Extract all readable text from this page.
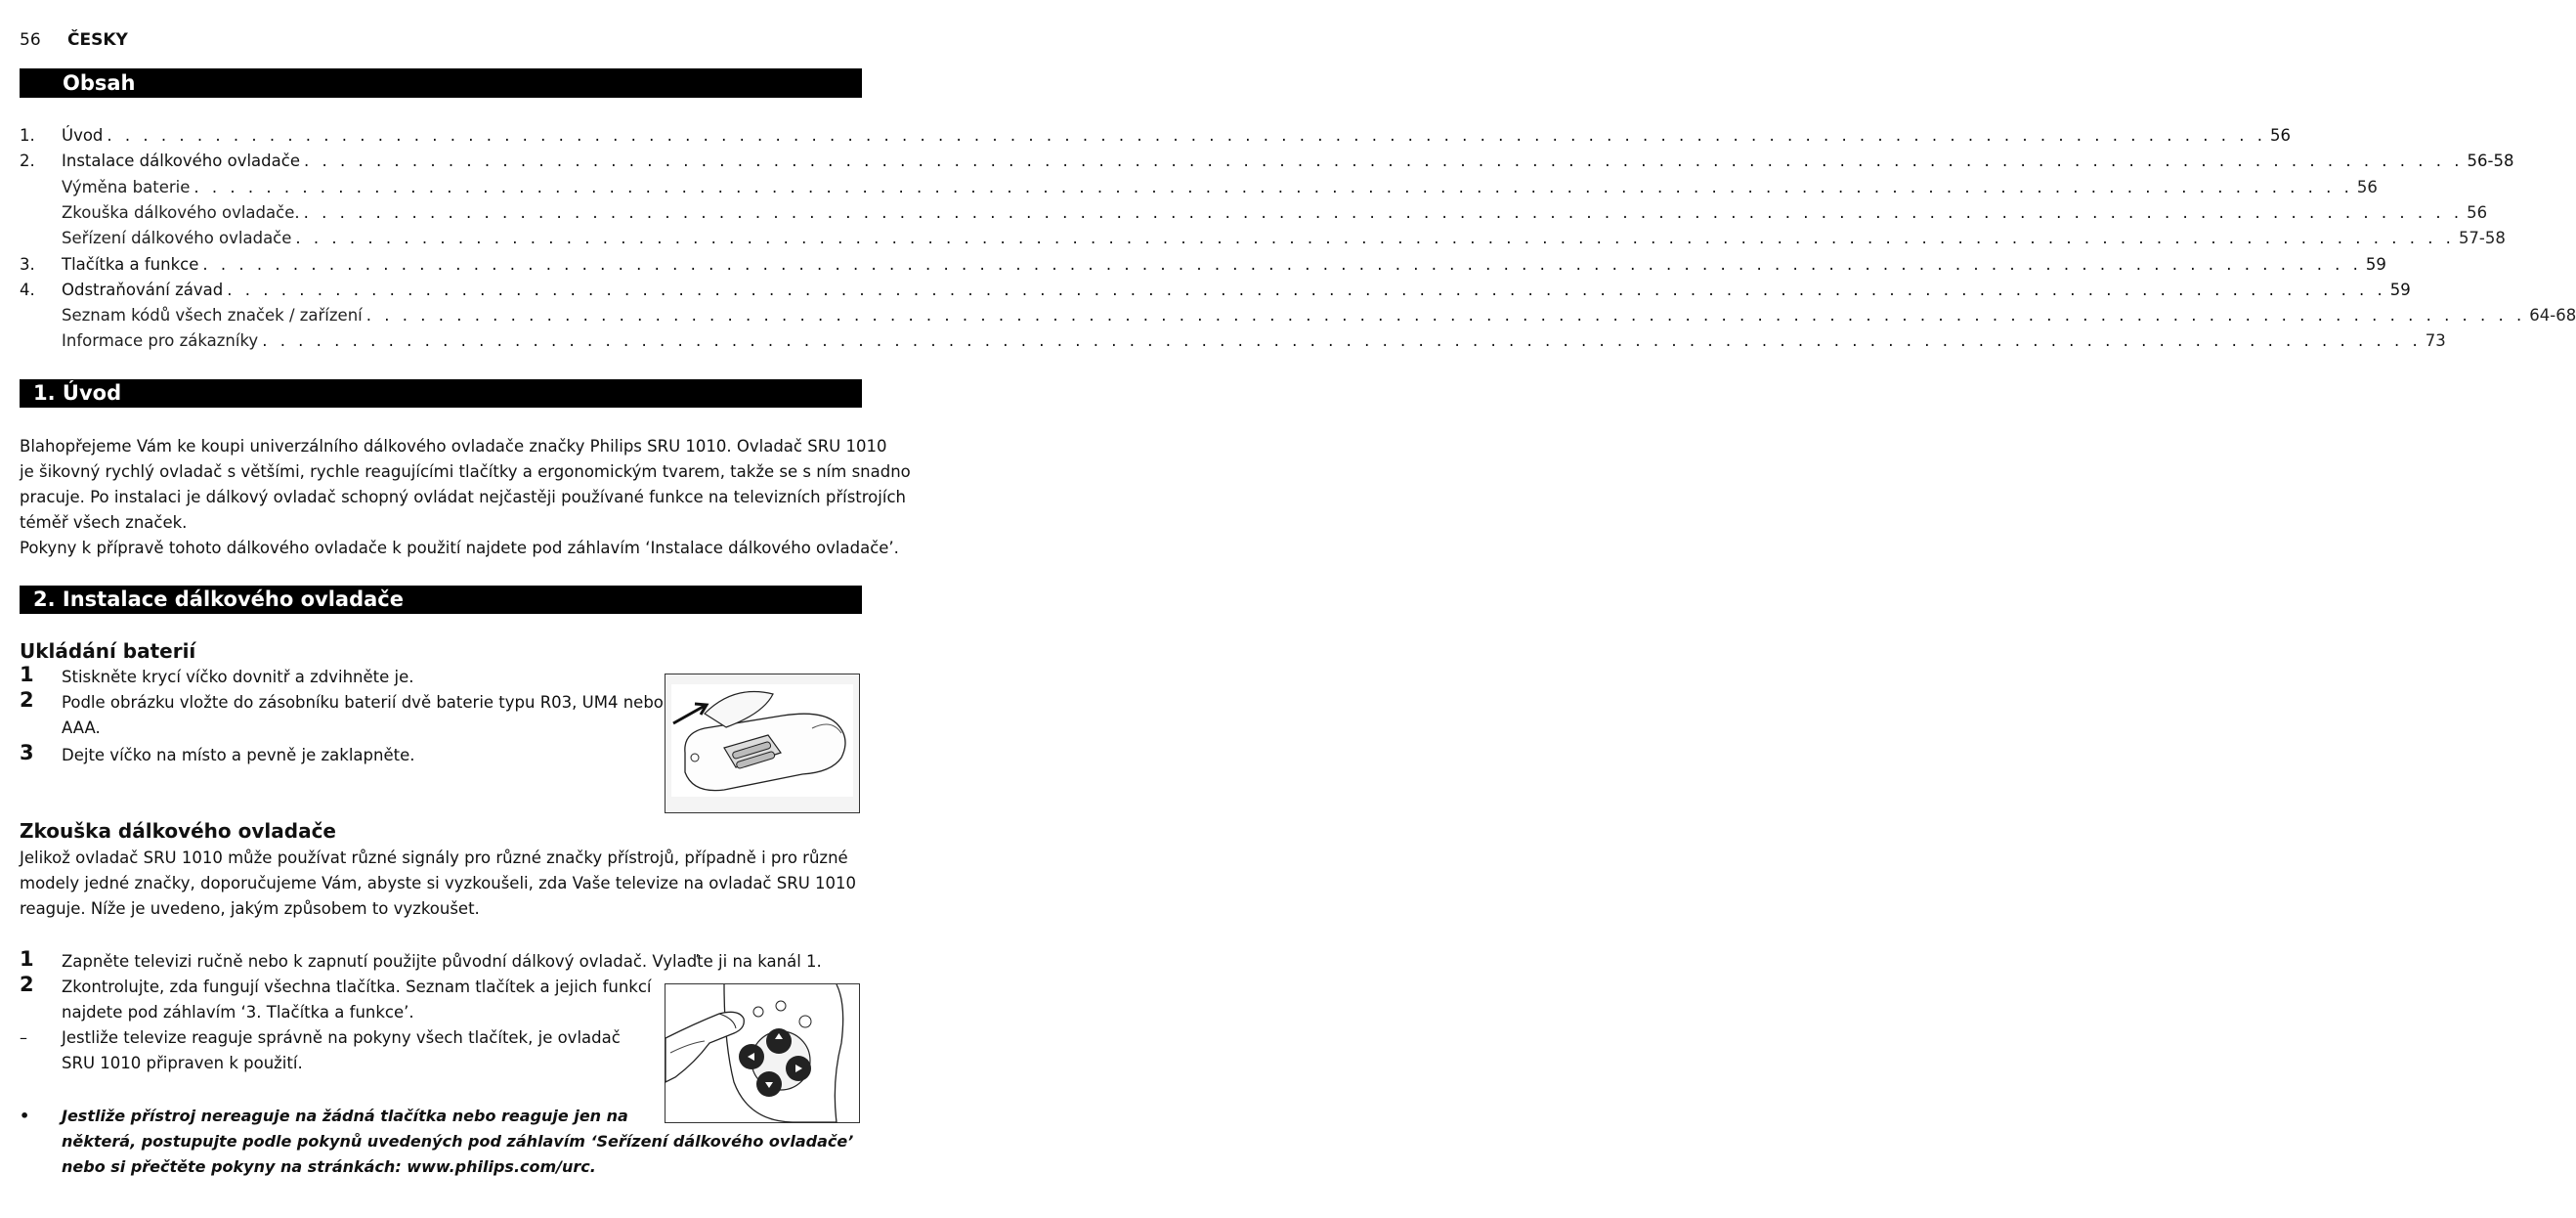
56 ČESKY
Obsah
1.	Úvod . . . . . . . . . . . . . . . . . . . . . . . . . . . . . . . . . . . . . . . . . . . . . . . . . . . . . . . . . . . . . . . . . . . . . . . . . . . . . . . . . . . . . . . . . . . . . . . . . . . . . . . . . . . . . . . . . . . . . . . . 56
2.	Instalace dálkového ovladače . . . . . . . . . . . . . . . . . . . . . . . . . . . . . . . . . . . . . . . . . . . . . . . . . . . . . . . . . . . . . . . . . . . . . . . . . . . . . . . . . . . . . . . . . . . . . . . . . . . . . . . . . . . . . . . . . . . . . . . . 56-58
Výměna baterie . . . . . . . . . . . . . . . . . . . . . . . . . . . . . . . . . . . . . . . . . . . . . . . . . . . . . . . . . . . . . . . . . . . . . . . . . . . . . . . . . . . . . . . . . . . . . . . . . . . . . . . . . . . . . . . . . . . . . . . . 56
Zkouška dálkového ovladače. . . . . . . . . . . . . . . . . . . . . . . . . . . . . . . . . . . . . . . . . . . . . . . . . . . . . . . . . . . . . . . . . . . . . . . . . . . . . . . . . . . . . . . . . . . . . . . . . . . . . . . . . . . . . . . . . . . . . . . . . 56
Seřízení dálkového ovladače . . . . . . . . . . . . . . . . . . . . . . . . . . . . . . . . . . . . . . . . . . . . . . . . . . . . . . . . . . . . . . . . . . . . . . . . . . . . . . . . . . . . . . . . . . . . . . . . . . . . . . . . . . . . . . . . . . . . . . . . 57-58
3.	Tlačítka a funkce . . . . . . . . . . . . . . . . . . . . . . . . . . . . . . . . . . . . . . . . . . . . . . . . . . . . . . . . . . . . . . . . . . . . . . . . . . . . . . . . . . . . . . . . . . . . . . . . . . . . . . . . . . . . . . . . . . . . . . . . 59
4.	Odstraňování závad . . . . . . . . . . . . . . . . . . . . . . . . . . . . . . . . . . . . . . . . . . . . . . . . . . . . . . . . . . . . . . . . . . . . . . . . . . . . . . . . . . . . . . . . . . . . . . . . . . . . . . . . . . . . . . . . . . . . . . . . 59
Seznam kódů všech značek / zařízení . . . . . . . . . . . . . . . . . . . . . . . . . . . . . . . . . . . . . . . . . . . . . . . . . . . . . . . . . . . . . . . . . . . . . . . . . . . . . . . . . . . . . . . . . . . . . . . . . . . . . . . . . . . . . . . . . . . . . . . . 64-68
Informace pro zákazníky . . . . . . . . . . . . . . . . . . . . . . . . . . . . . . . . . . . . . . . . . . . . . . . . . . . . . . . . . . . . . . . . . . . . . . . . . . . . . . . . . . . . . . . . . . . . . . . . . . . . . . . . . . . . . . . . . . . . . . . . 73
1. Úvod
Blahopřejeme Vám ke koupi univerzálního dálkového ovladače značky Philips SRU 1010. Ovladač SRU 1010
je šikovný rychlý ovladač s většími, rychle reagujícími tlačítky a ergonomickým tvarem, takže se s ním snadno
pracuje. Po instalaci je dálkový ovladač schopný ovládat nejčastěji používané funkce na televizních přístrojích
téměř všech značek.
Pokyny k přípravě tohoto dálkového ovladače k použití najdete pod záhlavím ‘Instalace dálkového ovladače’.
2. Instalace dálkového ovladače
Ukládání baterií
1 Stiskněte krycí víčko dovnitř a zdvihněte je.
2 Podle obrázku vložte do zásobníku baterií dvě baterie typu R03, UM4 nebo
AAA.
3 Dejte víčko na místo a pevně je zaklapněte.
Zkouška dálkového ovladače
Jelikož ovladač SRU 1010 může používat různé signály pro různé značky přístrojů, případně i pro různé
modely jedné značky, doporučujeme Vám, abyste si vyzkoušeli, zda Vaše televize na ovladač SRU 1010
reaguje. Níže je uvedeno, jakým způsobem to vyzkoušet.
1 Zapněte televizi ručně nebo k zapnutí použijte původní dálkový ovladač. Vylaďte ji na kanál 1.
2 Zkontrolujte, zda fungují všechna tlačítka. Seznam tlačítek a jejich funkcí
najdete pod záhlavím ‘3. Tlačítka a funkce’.
– Jestliže televize reaguje správně na pokyny všech tlačítek, je ovladač
SRU 1010 připraven k použití.
• Jestliže přístroj nereaguje na žádná tlačítka nebo reaguje jen na
některá, postupujte podle pokynů uvedených pod záhlavím ‘Seřízení dálkového ovladače’
nebo si přečtěte pokyny na stránkách: www.philips.com/urc.
